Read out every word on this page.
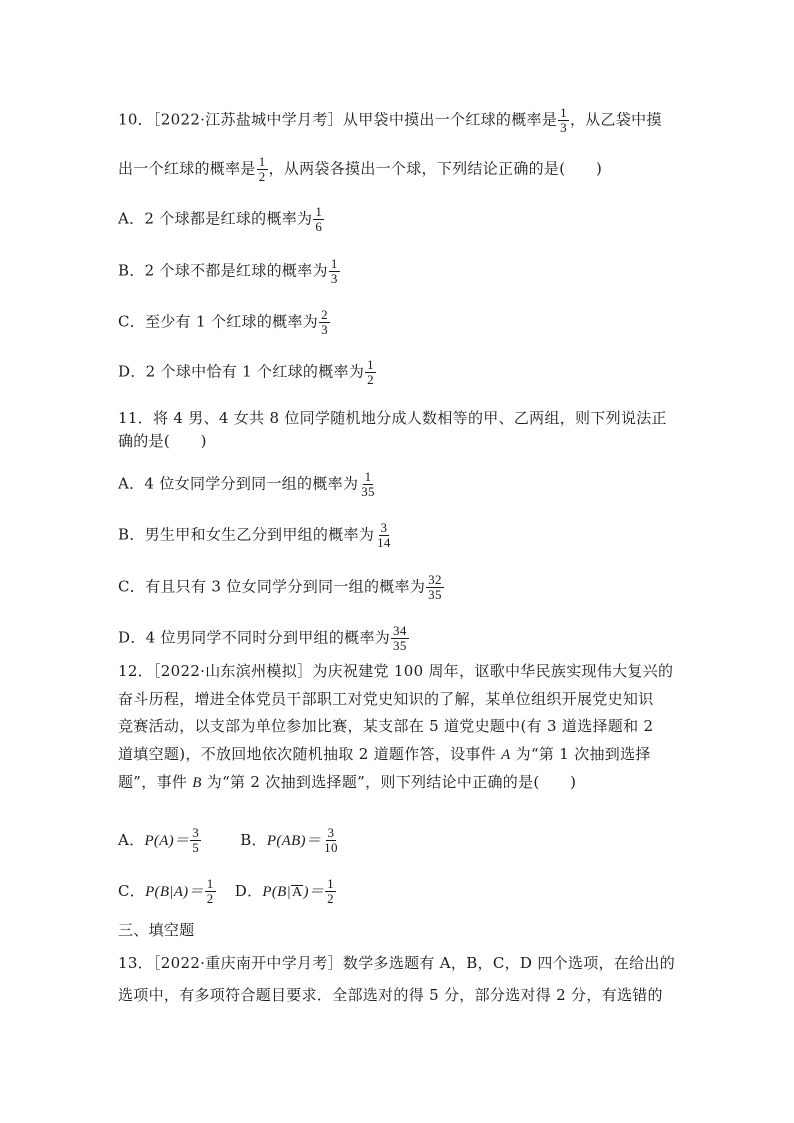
10．［2022·江苏盐城中学月考］从甲袋中摸出一个红球的概率是 $\frac{1}{3}$ ，从乙袋中摸
出一个红球的概率是 $\frac{1}{2}$ ，从两袋各摸出一个球，下列结论正确的是(　　)
A．2 个球都是红球的概率为 $\frac{1}{6}$
B．2 个球不都是红球的概率为 $\frac{1}{3}$
C．至少有 1 个红球的概率为 $\frac{2}{3}$
D．2 个球中恰有 1 个红球的概率为 $\frac{1}{2}$
11．将 4 男、4 女共 8 位同学随机地分成人数相等的甲、乙两组，则下列说法正
确的是(　　)
A．4 位女同学分到同一组的概率为 $\frac{1}{35}$
B．男生甲和女生乙分到甲组的概率为 $\frac{3}{14}$
C．有且只有 3 位女同学分到同一组的概率为 $\frac{32}{35}$
D．4 位男同学不同时分到甲组的概率为 $\frac{34}{35}$
12．［2022·山东滨州模拟］为庆祝建党 100 周年，讴歌中华民族实现伟大复兴的
奋斗历程，增进全体党员干部职工对党史知识的了解，某单位组织开展党史知识
竞赛活动，以支部为单位参加比赛，某支部在 5 道党史题中(有 3 道选择题和 2
道填空题)，不放回地依次随机抽取 2 道题作答，设事件 A 为“第 1 次抽到选择
题”，事件 B 为“第 2 次抽到选择题”，则下列结论中正确的是(　　)
A．$P(A)= \frac{3}{5}$	B．$P(AB)= \frac{3}{10}$
C．$P(B|A)= \frac{1}{2}$ D．$P(B|A)= \frac{1}{2}$
三、填空题
13．［2022·重庆南开中学月考］数学多选题有 A，B，C，D 四个选项，在给出的
选项中，有多项符合题目要求．全部选对的得 5 分，部分选对得 2 分，有选错的
